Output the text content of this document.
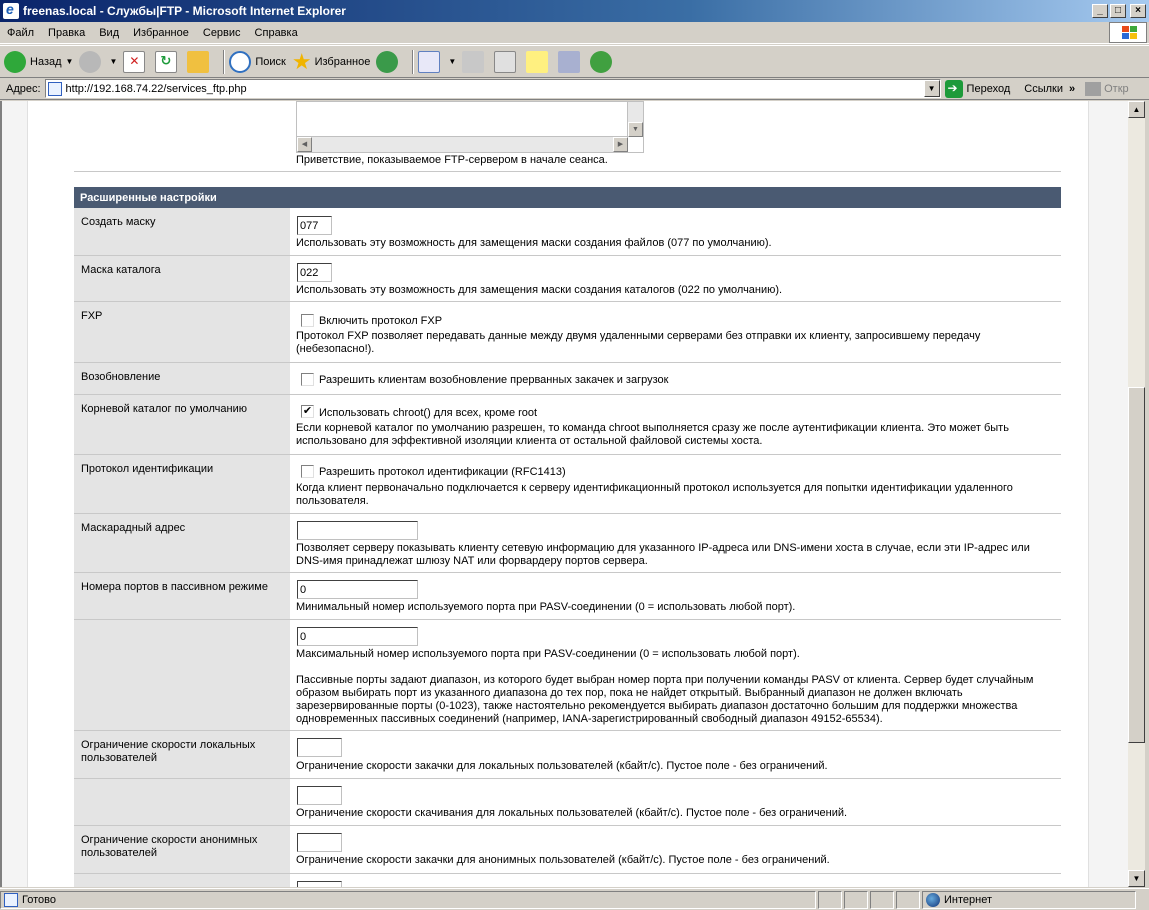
e
freenas.local - Службы|FTP - Microsoft Internet Explorer	_	□	×
Файл	Правка	Вид	Избранное	Сервис	Справка
Назад ▼	▼ ✕ ↻	Поиск ★ Избранное	▼
Адрес: http://192.168.74.22/services_ftp.php	▼
➔	Переход Ссылки »	Откр
▼
◀	▶
Приветствие, показываемое FTP-сервером в начале сеанса.
Расширенные настройки
Создать маску
077
Использовать эту возможность для замещения маски создания файлов (077 по умолчанию).
Маска каталога
022
Использовать эту возможность для замещения маски создания каталогов (022 по умолчанию).
FXP	Включить протокол FXP
Протокол FXP позволяет передавать данные между двумя удаленными серверами без отправки их клиенту, запросившему передачу (небезопасно!).
Возобновление	Разрешить клиентам возобновление прерванных закачек и загрузок
Корневой каталог по умолчанию	✔ Использовать chroot() для всех, кроме root
Если корневой каталог по умолчанию разрешен, то команда chroot выполняется сразу же после аутентификации клиента. Это может быть использовано для эффективной изоляции клиента от остальной файловой системы хоста.
Протокол идентификации	Разрешить протокол идентификации (RFC1413)
Когда клиент первоначально подключается к серверу идентификационный протокол используется для попытки идентификации удаленного пользователя.
Маскарадный адрес
Позволяет серверу показывать клиенту сетевую информацию для указанного IP-адреса или DNS-имени хоста в случае, если эти IP-адрес или DNS-имя принадлежат шлюзу NAT или форвардеру портов сервера.
Номера портов в пассивном режиме
0
Минимальный номер используемого порта при PASV-соединении (0 = использовать любой порт).
0
Максимальный номер используемого порта при PASV-соединении (0 = использовать любой порт).
Пассивные порты задают диапазон, из которого будет выбран номер порта при получении команды PASV от клиента. Сервер будет случайным образом выбирать порт из указанного диапазона до тех пор, пока не найдет открытый. Выбранный диапазон не должен включать зарезервированные порты (0-1023), также настоятельно рекомендуется выбирать диапазон достаточно большим для поддержки множества одновременных пассивных соединений (например, IANA-зарегистрированный свободный диапазон 49152-65534).
Ограничение скорости локальных пользователей
Ограничение скорости закачки для локальных пользователей (кбайт/с). Пустое поле - без ограничений.
Ограничение скорости скачивания для локальных пользователей (кбайт/с). Пустое поле - без ограничений.
Ограничение скорости анонимных пользователей
Ограничение скорости закачки для анонимных пользователей (кбайт/с). Пустое поле - без ограничений.
▲
▼
Готово	Интернет
